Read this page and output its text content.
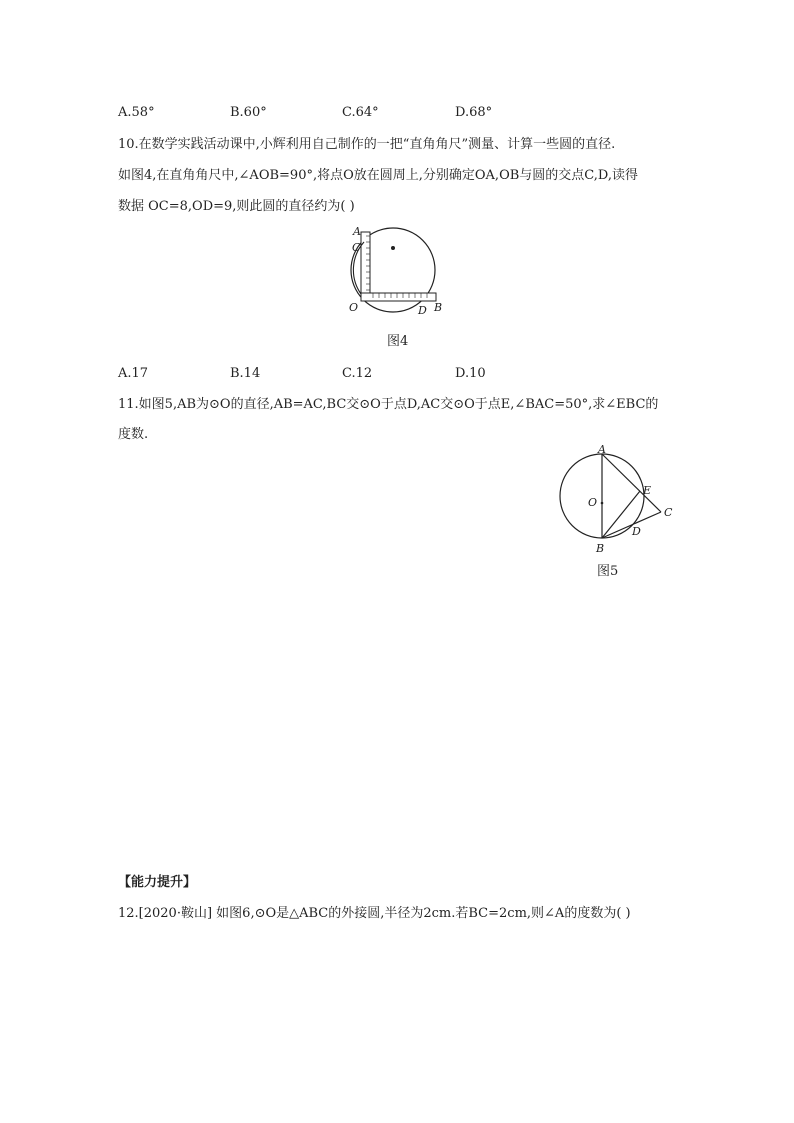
A.58°	B.60°	C.64°	D.68°
10.在数学实践活动课中,小辉利用自己制作的一把“直角角尺”测量、计算一些圆的直径.
如图4,在直角角尺中,∠AOB=90°,将点O放在圆周上,分别确定OA,OB与圆的交点C,D,读得
数据 OC=8,OD=9,则此圆的直径约为( )
A
C
O	D B
图4
A.17	B.14	C.12	D.10
11.如图5,AB为⊙O的直径,AB=AC,BC交⊙O于点D,AC交⊙O于点E,∠BAC=50°,求∠EBC的
度数.
A
O
E
C
D
B
图5
【能力提升】
12.[2020·鞍山] 如图6,⊙O是△ABC的外接圆,半径为2cm.若BC=2cm,则∠A的度数为( )
